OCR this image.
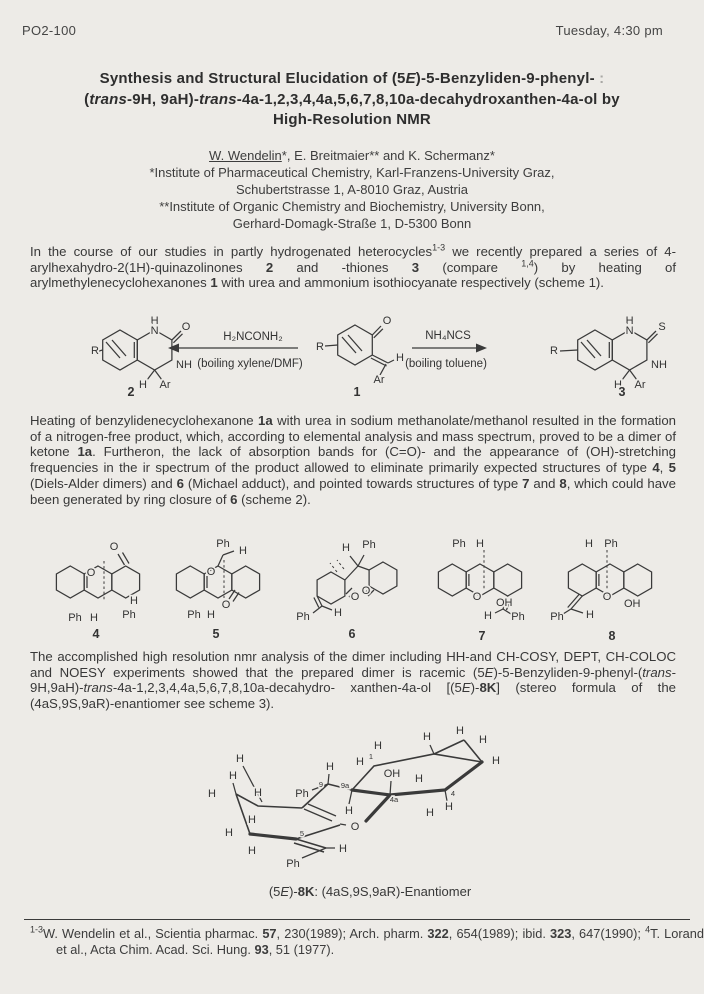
PO2-100	Tuesday, 4:30 pm
Synthesis and Structural Elucidation of (5E)-5-Benzyliden-9-phenyl- :
(trans-9H, 9aH)-trans-4a-1,2,3,4,4a,5,6,7,8,10a-decahydroxanthen-4a-ol by
High-Resolution NMR
W. Wendelin*, E. Breitmaier** and K. Schermanz*
*Institute of Pharmaceutical Chemistry, Karl-Franzens-University Graz,
Schubertstrasse 1, A-8010 Graz, Austria
**Institute of Organic Chemistry and Biochemistry, University Bonn,
Gerhard-Domagk-Straße 1, D-5300 Bonn
In the course of our studies in partly hydrogenated heterocycles$^{1-3}$ we recently prepared a series of 4-arylhexahydro-2(1H)-quinazolinones 2 and -thiones 3 (compare $^{1,4}$) by heating of arylmethylenecyclohexanones 1 with urea and ammonium isothiocyanate respectively (scheme 1).
R
H
N O
NH
H Ar
2
H₂NCONH₂
(boiling xylene/DMF)
R
O
H
Ar
1
NH₄NCS
(boiling toluene)
R
H
N S
NH
H Ar
3
Heating of benzylidenecyclohexanone 1a with urea in sodium methanolate/methanol resulted in the formation of a nitrogen-free product, which, according to elemental analysis and mass spectrum, proved to be a dimer of ketone 1a. Furtheron, the lack of absorption bands for (C=O)- and the appearance of (OH)-stretching frequencies in the ir spectrum of the product allowed to eliminate primarily expected structures of type 4, 5 (Diels-Alder dimers) and 6 (Michael adduct), and pointed towards structures of type 7 and 8, which could have been generated by ring closure of 6 (scheme 2).
O
O
H
Ph
Ph H
4
O
Ph
H
O
Ph H
5
H Ph
O O
Ph H
6
Ph H
O OH
H Ph
7
H Ph
O
OH
Ph H
8
The accomplished high resolution nmr analysis of the dimer including HH-and CH-COSY, DEPT, CH-COLOC and NOESY experiments showed that the prepared dimer is racemic (5E)-5-Benzyliden-9-phenyl-(trans-9H,9aH)-trans-4a-1,2,3,4,4a,5,6,7,8,10a-decahydro- xanthen-4a-ol [(5E)-8K] (stereo formula of the (4aS,9S,9aR)-enantiomer see scheme 3).
H
H
H
H
H
H
H
Ph
9
H
9a
H
OH H
4a
O
5
H
Ph
H 1
H
H H
H
H
4
H
H
(5E)-8K: (4aS,9S,9aR)-Enantiomer
$^{1-3}$W. Wendelin et al., Scientia pharmac. 57, 230(1989); Arch. pharm. 322, 654(1989); ibid. 323, 647(1990); $^4$T. Lorand et al., Acta Chim. Acad. Sci. Hung. 93, 51 (1977).
